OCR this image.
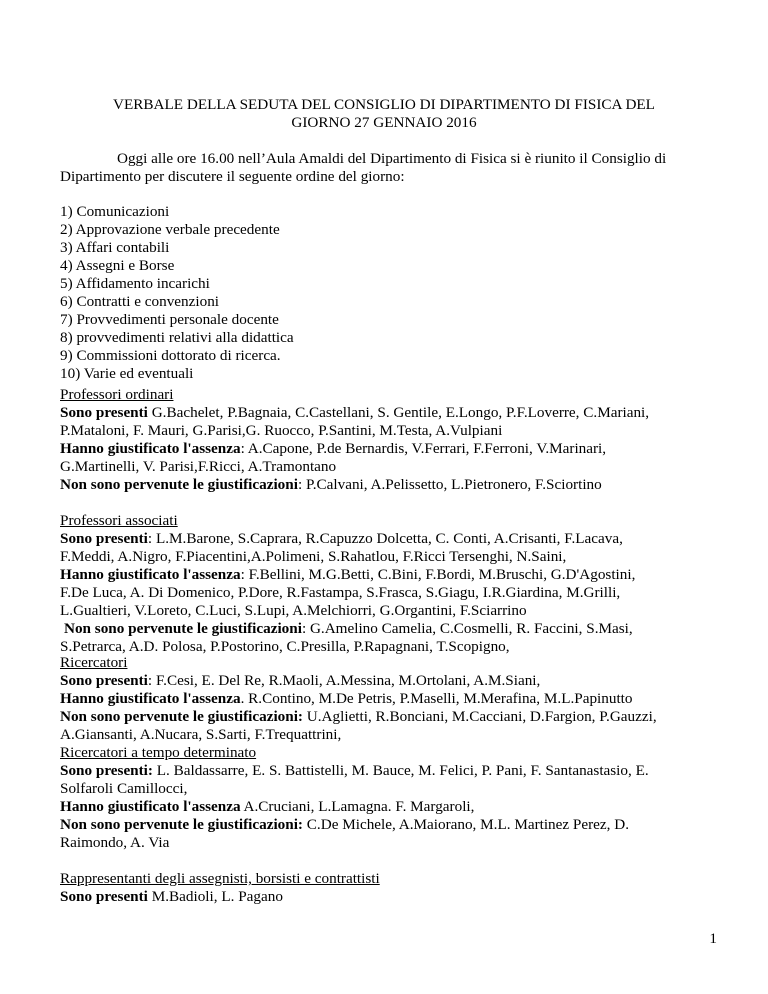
VERBALE DELLA SEDUTA DEL CONSIGLIO DI DIPARTIMENTO DI FISICA DEL
GIORNO 27 GENNAIO 2016
Oggi alle ore 16.00 nell’Aula Amaldi del Dipartimento di Fisica si è riunito il Consiglio di
Dipartimento per discutere il seguente ordine del giorno:
1) Comunicazioni
2) Approvazione verbale precedente
3) Affari contabili
4) Assegni e Borse
5) Affidamento incarichi
6) Contratti e convenzioni
7) Provvedimenti personale docente
8) provvedimenti relativi alla didattica
9) Commissioni dottorato di ricerca.
10) Varie ed eventuali
Professori ordinari
Sono presenti G.Bachelet, P.Bagnaia, C.Castellani, S. Gentile, E.Longo, P.F.Loverre, C.Mariani,
P.Mataloni, F. Mauri, G.Parisi,G. Ruocco, P.Santini, M.Testa, A.Vulpiani
Hanno giustificato l'assenza: A.Capone, P.de Bernardis, V.Ferrari, F.Ferroni, V.Marinari,
G.Martinelli, V. Parisi,F.Ricci, A.Tramontano
Non sono pervenute le giustificazioni: P.Calvani, A.Pelissetto, L.Pietronero, F.Sciortino
Professori associati
Sono presenti: L.M.Barone, S.Caprara, R.Capuzzo Dolcetta, C. Conti, A.Crisanti, F.Lacava,
F.Meddi, A.Nigro, F.Piacentini,A.Polimeni, S.Rahatlou, F.Ricci Tersenghi, N.Saini,
Hanno giustificato l'assenza: F.Bellini, M.G.Betti, C.Bini, F.Bordi, M.Bruschi, G.D'Agostini,
F.De Luca, A. Di Domenico, P.Dore, R.Fastampa, S.Frasca, S.Giagu, I.R.Giardina, M.Grilli,
L.Gualtieri, V.Loreto, C.Luci, S.Lupi, A.Melchiorri, G.Organtini, F.Sciarrino
Non sono pervenute le giustificazioni: G.Amelino Camelia, C.Cosmelli, R. Faccini, S.Masi,
S.Petrarca, A.D. Polosa, P.Postorino, C.Presilla, P.Rapagnani, T.Scopigno,
Ricercatori
Sono presenti: F.Cesi, E. Del Re, R.Maoli, A.Messina, M.Ortolani, A.M.Siani,
Hanno giustificato l'assenza. R.Contino, M.De Petris, P.Maselli, M.Merafina, M.L.Papinutto
Non sono pervenute le giustificazioni: U.Aglietti, R.Bonciani, M.Cacciani, D.Fargion, P.Gauzzi,
A.Giansanti, A.Nucara, S.Sarti, F.Trequattrini,
Ricercatori a tempo determinato
Sono presenti: L. Baldassarre, E. S. Battistelli, M. Bauce, M. Felici, P. Pani, F. Santanastasio, E.
Solfaroli Camillocci,
Hanno giustificato l'assenza A.Cruciani, L.Lamagna. F. Margaroli,
Non sono pervenute le giustificazioni: C.De Michele, A.Maiorano, M.L. Martinez Perez, D.
Raimondo, A. Via
Rappresentanti degli assegnisti, borsisti e contrattisti
Sono presenti M.Badioli, L. Pagano
1
